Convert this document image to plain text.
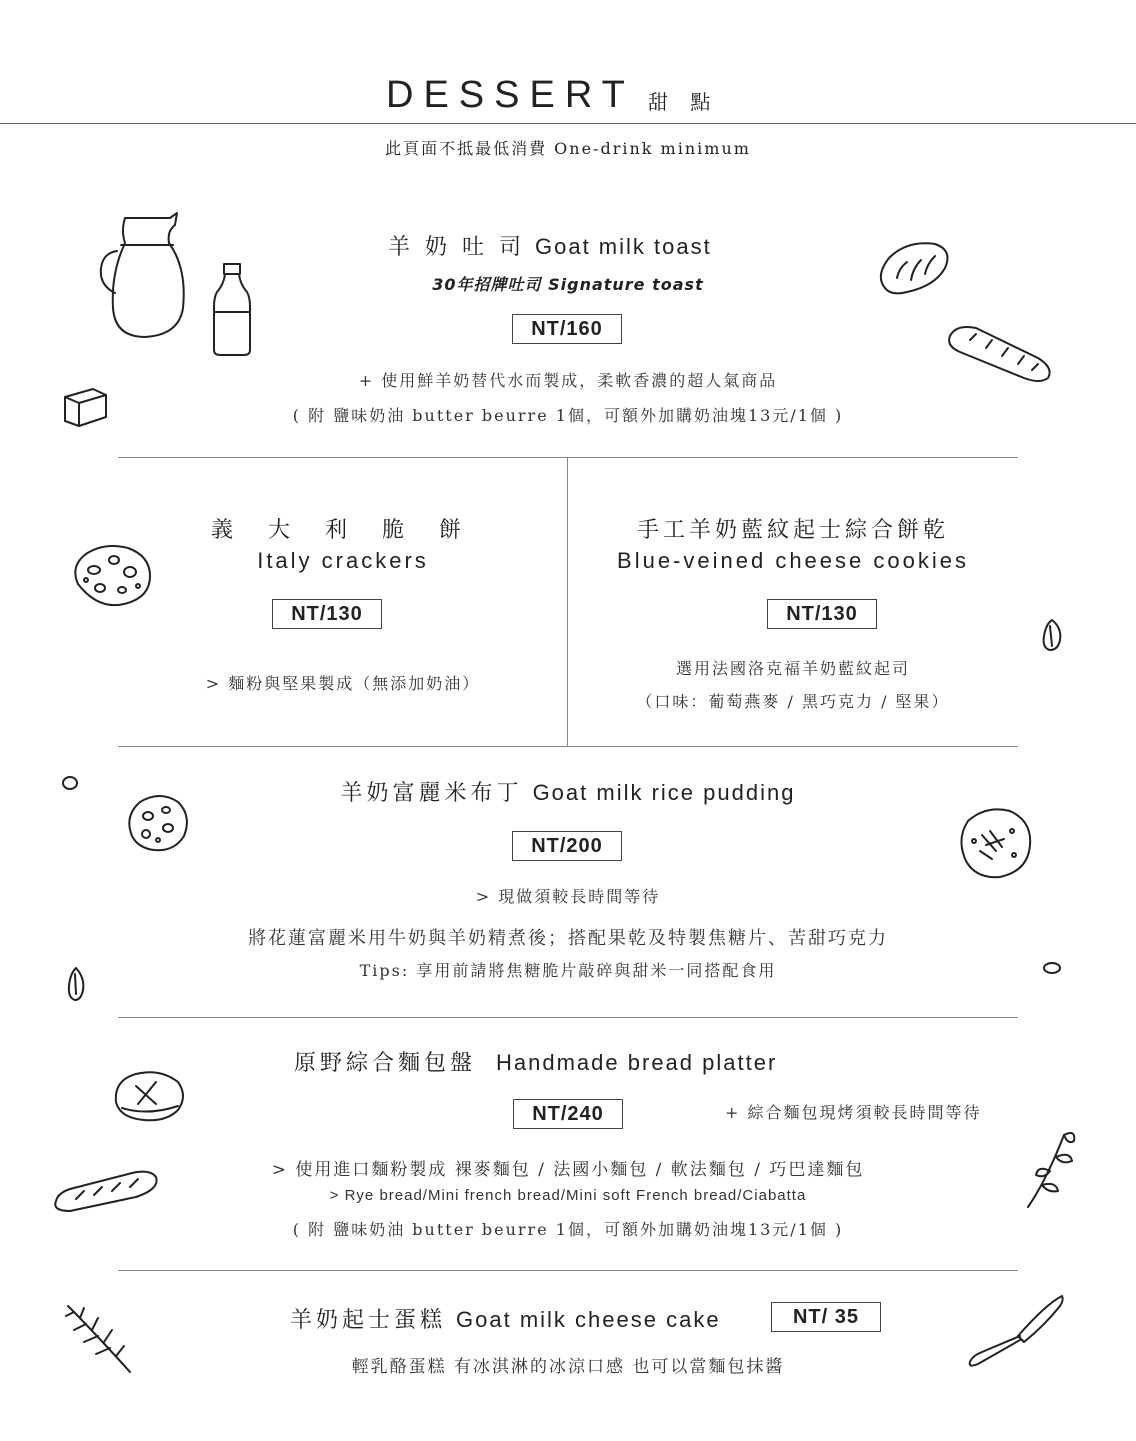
DESSERT 甜 點
此頁面不抵最低消費 One-drink minimum
羊 奶 吐 司 Goat milk toast
30年招牌吐司 Signature toast
NT/160
+ 使用鮮羊奶替代水而製成，柔軟香濃的超人氣商品
( 附 鹽味奶油 butter beurre 1個，可額外加購奶油塊13元/1個 )
義 大 利 脆 餅
Italy crackers
NT/130
> 麵粉與堅果製成（無添加奶油）
手工羊奶藍紋起士綜合餅乾
Blue-veined cheese cookies
NT/130
選用法國洛克福羊奶藍紋起司
（口味：葡萄燕麥 / 黑巧克力 / 堅果）
羊奶富麗米布丁 Goat milk rice pudding
NT/200
> 現做須較長時間等待
將花蓮富麗米用牛奶與羊奶精煮後；搭配果乾及特製焦糖片、苦甜巧克力
Tips: 享用前請將焦糖脆片敲碎與甜米一同搭配食用
原野綜合麵包盤 Handmade bread platter
NT/240	+ 綜合麵包現烤須較長時間等待
> 使用進口麵粉製成 裸麥麵包 / 法國小麵包 / 軟法麵包 / 巧巴達麵包
> Rye bread/Mini french bread/Mini soft French bread/Ciabatta
( 附 鹽味奶油 butter beurre 1個，可額外加購奶油塊13元/1個 )
羊奶起士蛋糕 Goat milk cheese cake	NT/ 35
輕乳酪蛋糕 有冰淇淋的冰涼口感 也可以當麵包抹醬
